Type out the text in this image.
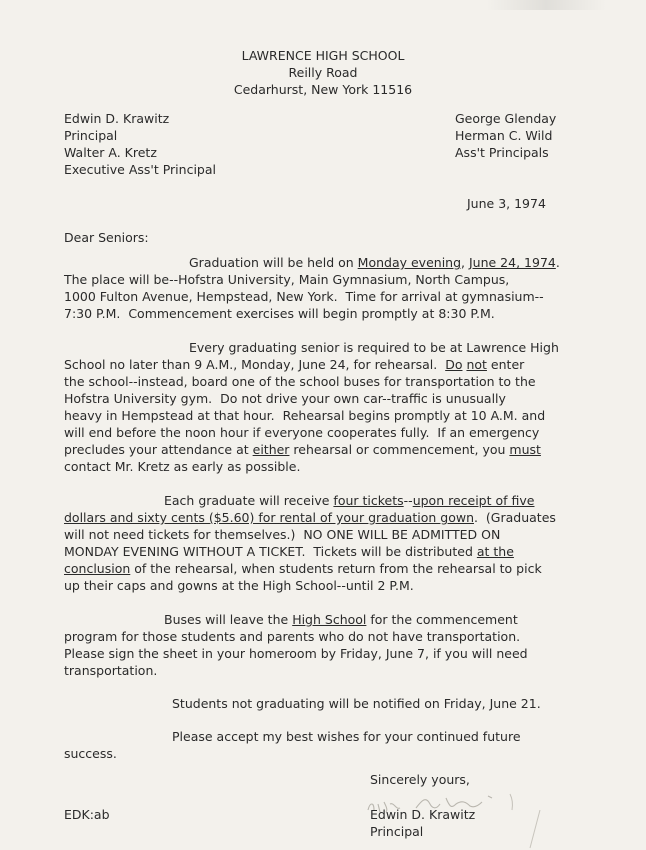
LAWRENCE HIGH SCHOOL
Reilly Road
Cedarhurst, New York 11516
Edwin D. Krawitz
Principal
Walter A. Kretz
Executive Ass't Principal
George Glenday
Herman C. Wild
Ass't Principals
June 3, 1974
Dear Seniors:
Graduation will be held on Monday evening, June 24, 1974.
The place will be--Hofstra University, Main Gymnasium, North Campus,
1000 Fulton Avenue, Hempstead, New York.  Time for arrival at gymnasium--
7:30 P.M.  Commencement exercises will begin promptly at 8:30 P.M.
Every graduating senior is required to be at Lawrence High
School no later than 9 A.M., Monday, June 24, for rehearsal.  Do not enter
the school--instead, board one of the school buses for transportation to the
Hofstra University gym.  Do not drive your own car--traffic is unusually
heavy in Hempstead at that hour.  Rehearsal begins promptly at 10 A.M. and
will end before the noon hour if everyone cooperates fully.  If an emergency
precludes your attendance at either rehearsal or commencement, you must
contact Mr. Kretz as early as possible.
Each graduate will receive four tickets--upon receipt of five
dollars and sixty cents ($5.60) for rental of your graduation gown.  (Graduates
will not need tickets for themselves.)  NO ONE WILL BE ADMITTED ON
MONDAY EVENING WITHOUT A TICKET.  Tickets will be distributed at the
conclusion of the rehearsal, when students return from the rehearsal to pick
up their caps and gowns at the High School--until 2 P.M.
Buses will leave the High School for the commencement
program for those students and parents who do not have transportation.
Please sign the sheet in your homeroom by Friday, June 7, if you will need
transportation.
Students not graduating will be notified on Friday, June 21.
Please accept my best wishes for your continued future
success.
Sincerely yours,
Edwin D. Krawitz
Principal
EDK:ab
